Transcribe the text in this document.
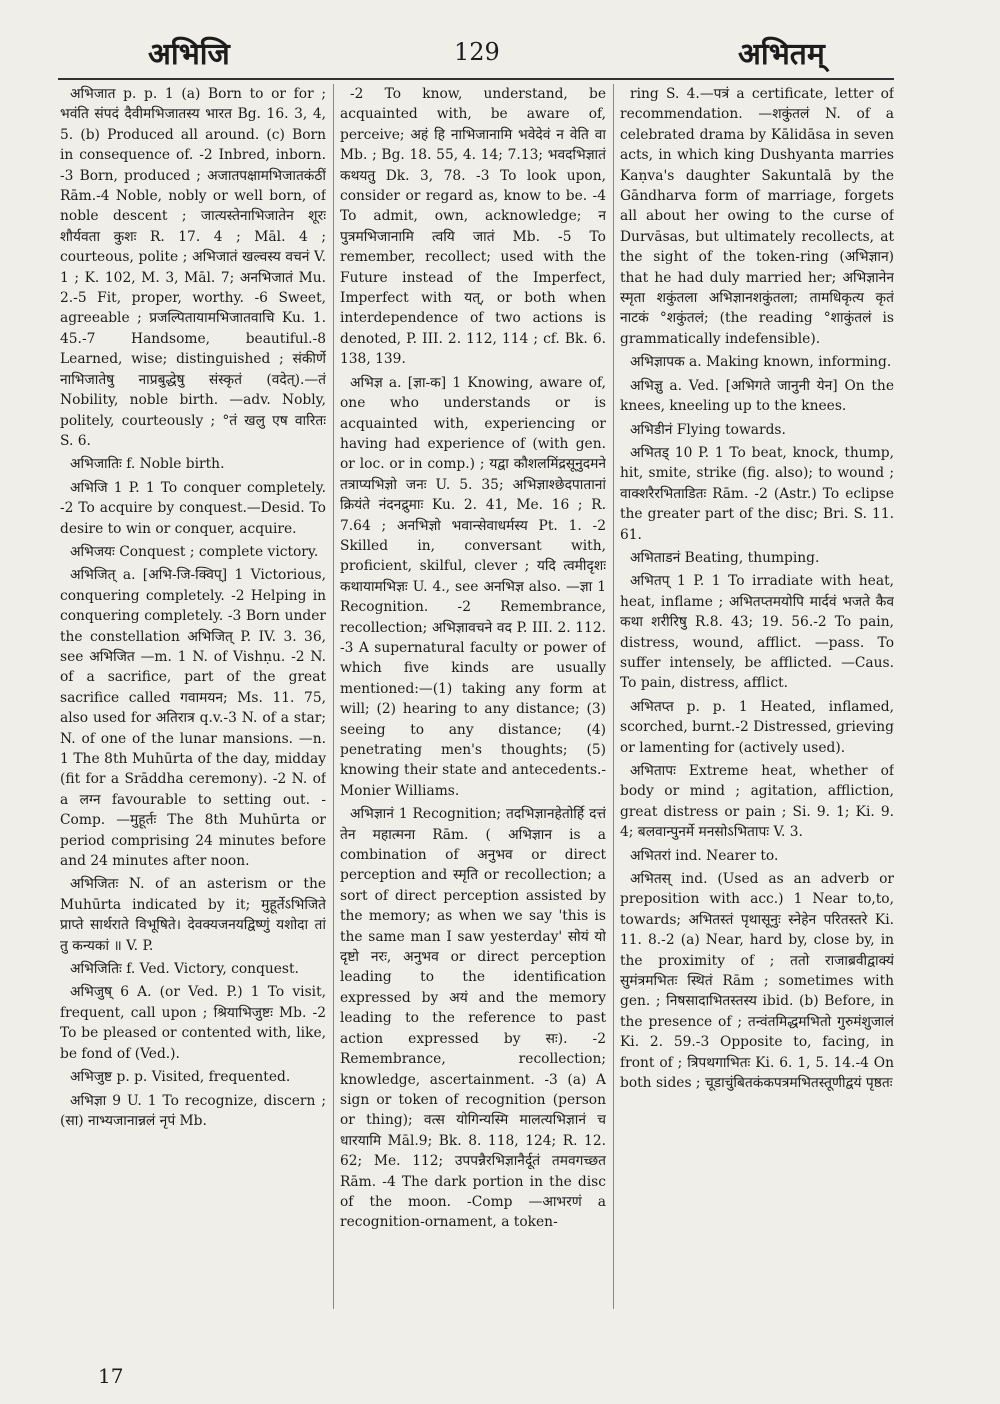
अभिजि	129	अभितम्

अभिजात p. p. 1 (a) Born to or for ; भवंति संपदं दैवीमभिजातस्य भारत Bg. 16. 3, 4, 5. (b) Produced all around. (c) Born in consequence of. -2 Inbred, inborn. -3 Born, produced ; अजातपक्षामभिजातकंठीं Rām.-4 Noble, nobly or well born, of noble descent ; जात्यस्तेनाभिजातेन शूरः शौर्यवता कुशः R. 17. 4 ; Māl. 4 ; courteous, polite ; अभिजातं खल्वस्य वचनं V. 1 ; K. 102, M. 3, Māl. 7; अनभिजातं Mu. 2.-5 Fit, proper, worthy. -6 Sweet, agreeable ; प्रजल्पितायामभिजातवाचि Ku. 1. 45.-7 Handsome, beautiful.-8 Learned, wise; distinguished ; संकीर्णे नाभिजातेषु नाप्रबुद्धेषु संस्कृतं (वदेत्).—तं Nobility, noble birth. —adv. Nobly, politely, courteously ; °तं खलु एष वारितः S. 6.

अभिजातिः f. Noble birth.

अभिजि 1 P. 1 To conquer completely. -2 To acquire by conquest.—Desid. To desire to win or conquer, acquire.

अभिजयः Conquest ; complete victory.

अभिजित् a. [अभि-जि-क्विप्] 1 Victorious, conquering completely. -2 Helping in conquering completely. -3 Born under the constellation अभिजित् P. IV. 3. 36, see अभिजित —m. 1 N. of Vishṇu. -2 N. of a sacrifice, part of the great sacrifice called गवामयन; Ms. 11. 75, also used for अतिरात्र q.v.-3 N. of a star; N. of one of the lunar mansions. —n. 1 The 8th Muhūrta of the day, midday (fit for a Srāddha ceremony). -2 N. of a लग्न favourable to setting out. -Comp. —मुहूर्तः The 8th Muhūrta or period comprising 24 minutes before and 24 minutes after noon.

अभिजितः N. of an asterism or the Muhūrta indicated by it; मुहूर्तेऽभिजिते प्राप्ते सार्थराते विभूषिते। देवक्यजनयद्विष्णुं यशोदा तां तु कन्यकां ॥ V. P.

अभिजितिः f. Ved. Victory, conquest.

अभिजुष् 6 A. (or Ved. P.) 1 To visit, frequent, call upon ; श्रियाभिजुष्टः Mb. -2 To be pleased or contented with, like, be fond of (Ved.).

अभिजुष्ट p. p. Visited, frequented.

अभिज्ञा 9 U. 1 To recognize, discern ; (सा) नाभ्यजानान्नलं नृपं Mb.

-2 To know, understand, be acquainted with, be aware of, perceive; अहं हि नाभिजानामि भवेदेवं न वेति वा Mb. ; Bg. 18. 55, 4. 14; 7.13; भवदभिज्ञातं कथयतु Dk. 3, 78. -3 To look upon, consider or regard as, know to be. -4 To admit, own, acknowledge; न पुत्रमभिजानामि त्वयि जातं Mb. -5 To remember, recollect; used with the Future instead of the Imperfect, Imperfect with यत्, or both when interdependence of two actions is denoted, P. III. 2. 112, 114 ; cf. Bk. 6. 138, 139.

अभिज्ञ a. [ज्ञा-क] 1 Knowing, aware of, one who understands or is acquainted with, experiencing or having had experience of (with gen. or loc. or in comp.) ; यद्वा कौशलमिंद्रसूनुदमने तत्राप्यभिज्ञो जनः U. 5. 35; अभिज्ञाश्छेदपातानां क्रियंते नंदनद्रुमाः Ku. 2. 41, Me. 16 ; R. 7.64 ; अनभिज्ञो भवान्सेवाधर्मस्य Pt. 1. -2 Skilled in, conversant with, proficient, skilful, clever ; यदि त्वमीदृशः कथायामभिज्ञः U. 4., see अनभिज्ञ also. —ज्ञा 1 Recognition. -2 Remembrance, recollection; अभिज्ञावचने वद P. III. 2. 112. -3 A supernatural faculty or power of which five kinds are usually mentioned:—(1) taking any form at will; (2) hearing to any distance; (3) seeing to any distance; (4) penetrating men's thoughts; (5) knowing their state and antecedents.-Monier Williams.

अभिज्ञानं 1 Recognition; तदभिज्ञानहेतोर्हि दत्तं तेन महात्मना Rām. ( अभिज्ञान is a combination of अनुभव or direct perception and स्मृति or recollection; a sort of direct perception assisted by the memory; as when we say 'this is the same man I saw yesterday' सोयं यो दृष्टो नरः, अनुभव or direct perception leading to the identification expressed by अयं and the memory leading to the reference to past action expressed by सः). -2 Remembrance, recollection; knowledge, ascertainment. -3 (a) A sign or token of recognition (person or thing); वत्स योगिन्यस्मि मालत्यभिज्ञानं च धारयामि Māl.9; Bk. 8. 118, 124; R. 12. 62; Me. 112; उपपन्नैरभिज्ञानैर्दूतं तमवगच्छत Rām. -4 The dark portion in the disc of the moon. -Comp —आभरणं a recognition-ornament, a token-

ring S. 4.—पत्रं a certificate, letter of recommendation. —शकुंतलं N. of a celebrated drama by Kālidāsa in seven acts, in which king Dushyanta marries Kaṇva's daughter Sakuntalā by the Gāndharva form of marriage, forgets all about her owing to the curse of Durvāsas, but ultimately recollects, at the sight of the token-ring (अभिज्ञान) that he had duly married her; अभिज्ञानेन स्मृता शकुंतला अभिज्ञानशकुंतला; तामधिकृत्य कृतं नाटकं °शकुंतलं; (the reading °शाकुंतलं is grammatically indefensible).

अभिज्ञापक a. Making known, informing.

अभिज्ञु a. Ved. [अभिगते जानुनी येन] On the knees, kneeling up to the knees.

अभिडीनं Flying towards.

अभितड् 10 P. 1 To beat, knock, thump, hit, smite, strike (fig. also); to wound ; वाक्शरैरभिताडितः Rām. -2 (Astr.) To eclipse the greater part of the disc; Bri. S. 11. 61.

अभिताडनं Beating, thumping.

अभितप् 1 P. 1 To irradiate with heat, heat, inflame ; अभितप्तमयोपि मार्दवं भजते कैव कथा शरीरिषु R.8. 43; 19. 56.-2 To pain, distress, wound, afflict. —pass. To suffer intensely, be afflicted. —Caus. To pain, distress, afflict.

अभितप्त p. p. 1 Heated, inflamed, scorched, burnt.-2 Distressed, grieving or lamenting for (actively used).

अभितापः Extreme heat, whether of body or mind ; agitation, affliction, great distress or pain ; Si. 9. 1; Ki. 9. 4; बलवान्पुनर्मे मनसोऽभितापः V. 3.

अभितरां ind. Nearer to.

अभितस् ind. (Used as an adverb or preposition with acc.) 1 Near to,to, towards; अभितस्तं पृथासूनुः स्नेहेन परितस्तरे Ki. 11. 8.-2 (a) Near, hard by, close by, in the proximity of ; ततो राजाब्रवीद्वाक्यं सुमंत्रमभितः स्थितं Rām ; sometimes with gen. ; निषसादाभितस्तस्य ibid. (b) Before, in the presence of ; तन्वंतमिद्धमभितो गुरुमंशुजालं Ki. 2. 59.-3 Opposite to, facing, in front of ; त्रिपथगाभितः Ki. 6. 1, 5. 14.-4 On both sides ; चूडाचुंबितकंकपत्रमभितस्तूणीद्वयं पृष्ठतः

17
